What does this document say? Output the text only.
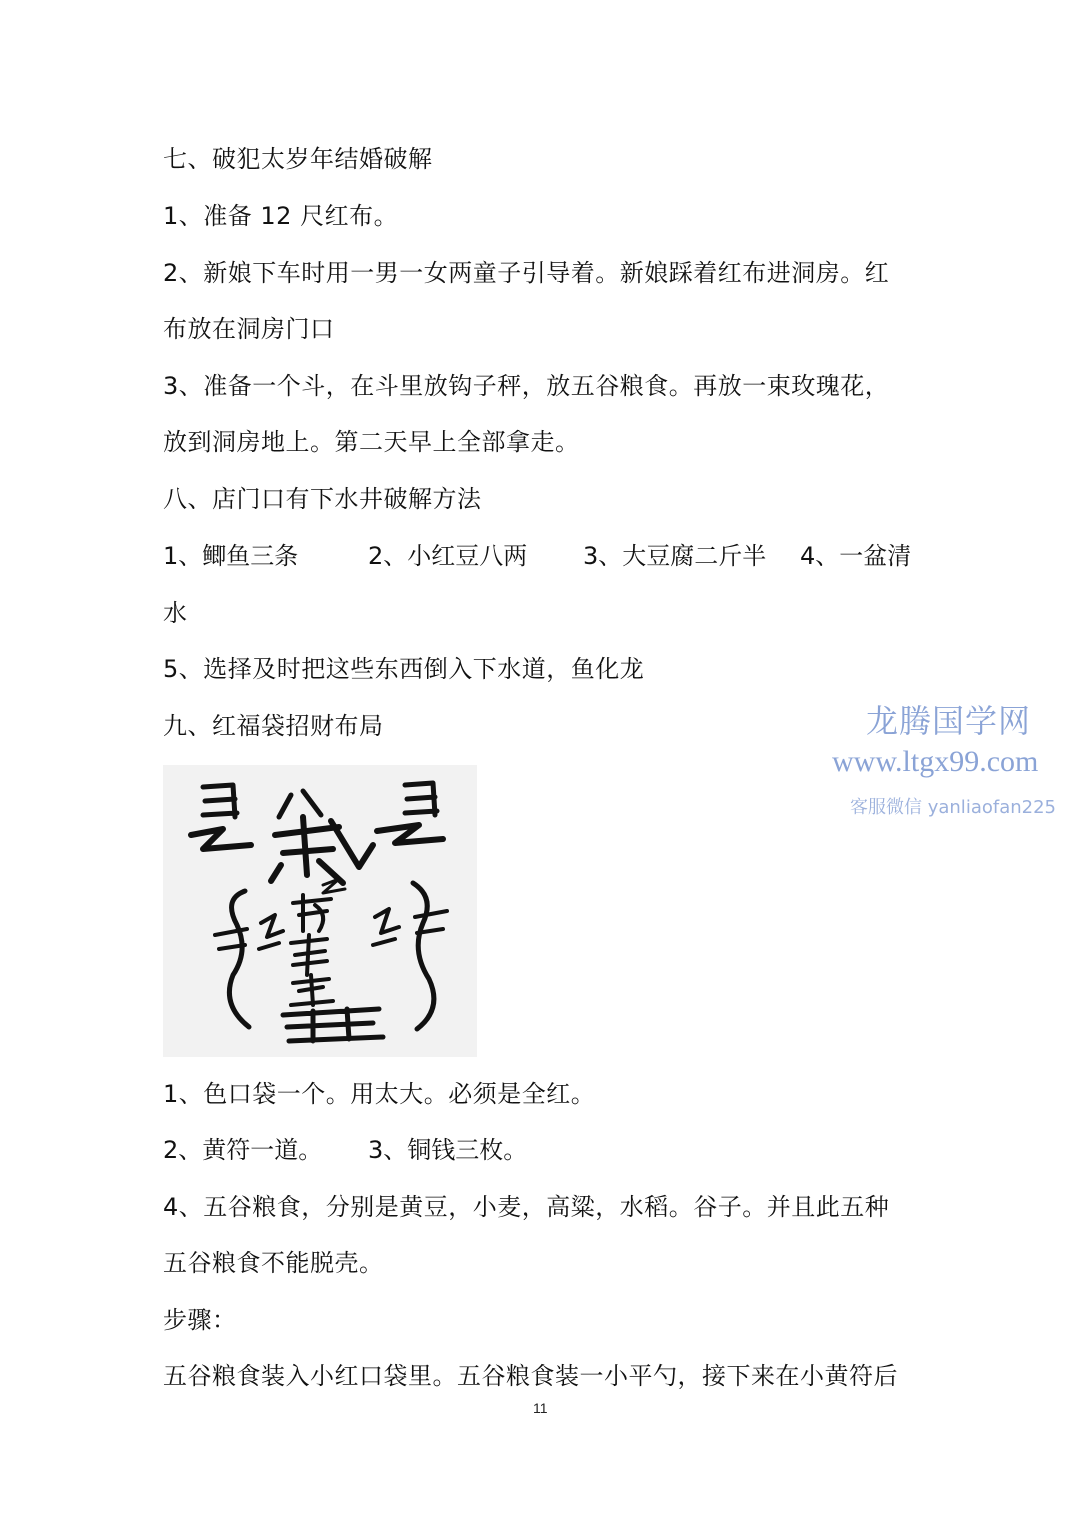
七、破犯太岁年结婚破解
1、准备 12 尺红布。
2、新娘下车时用一男一女两童子引导着。新娘踩着红布进洞房。红
布放在洞房门口
3、准备一个斗，在斗里放钩子秤，放五谷粮食。再放一束玫瑰花，
放到洞房地上。第二天早上全部拿走。
八、店门口有下水井破解方法
1、鲫鱼三条	2、小红豆八两 3、大豆腐二斤半 4、一盆清
水
5、选择及时把这些东西倒入下水道，鱼化龙
九、红福袋招财布局
1、色口袋一个。用太大。必须是全红。
2、黄符一道。 3、铜钱三枚。
4、五谷粮食，分别是黄豆，小麦，高粱，水稻。谷子。并且此五种
五谷粮食不能脱壳。
步骤：
五谷粮食装入小红口袋里。五谷粮食装一小平勺，接下来在小黄符后
龙腾国学网
www.ltgx99.com
客服微信 yanliaofan225
11
